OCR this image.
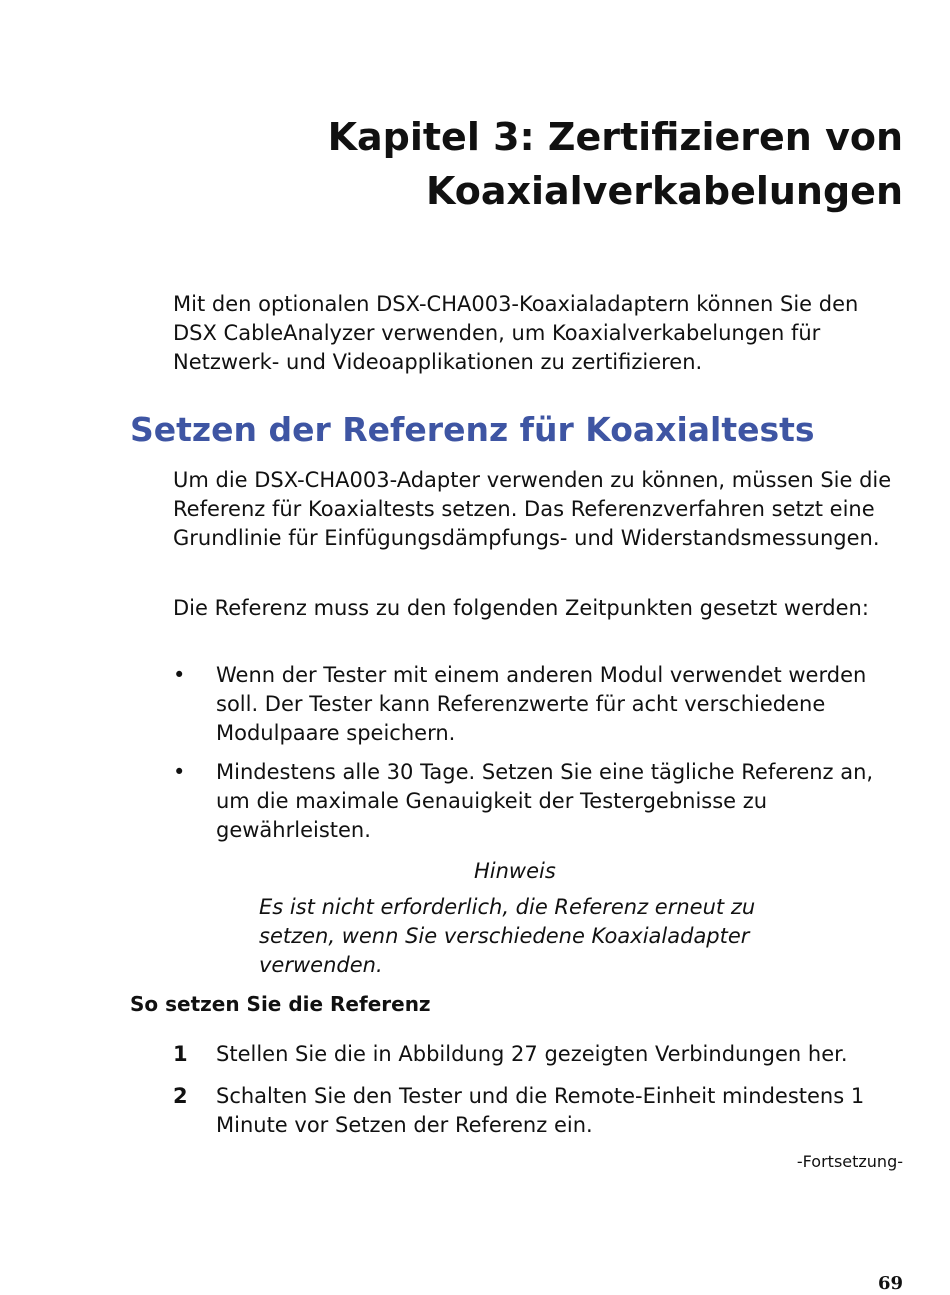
Kapitel 3: Zertifizieren von
Koaxialverkabelungen

Mit den optionalen DSX-CHA003-Koaxialadaptern können Sie den DSX CableAnalyzer verwenden, um Koaxialverkabelungen für Netzwerk- und Videoapplikationen zu zertifizieren.

Setzen der Referenz für Koaxialtests

Um die DSX-CHA003-Adapter verwenden zu können, müssen Sie die Referenz für Koaxialtests setzen. Das Referenzverfahren setzt eine Grundlinie für Einfügungsdämpfungs- und Widerstandsmessungen.

Die Referenz muss zu den folgenden Zeitpunkten gesetzt werden:

•	Wenn der Tester mit einem anderen Modul verwendet werden soll. Der Tester kann Referenzwerte für acht verschiedene Modulpaare speichern.
•	Mindestens alle 30 Tage. Setzen Sie eine tägliche Referenz an, um die maximale Genauigkeit der Testergebnisse zu gewährleisten.
Hinweis
Es ist nicht erforderlich, die Referenz erneut zu setzen, wenn Sie verschiedene Koaxialadapter verwenden.
So setzen Sie die Referenz
1 Stellen Sie die in Abbildung 27 gezeigten Verbindungen her.
2 Schalten Sie den Tester und die Remote-Einheit mindestens 1 Minute vor Setzen der Referenz ein.
-Fortsetzung-
69
